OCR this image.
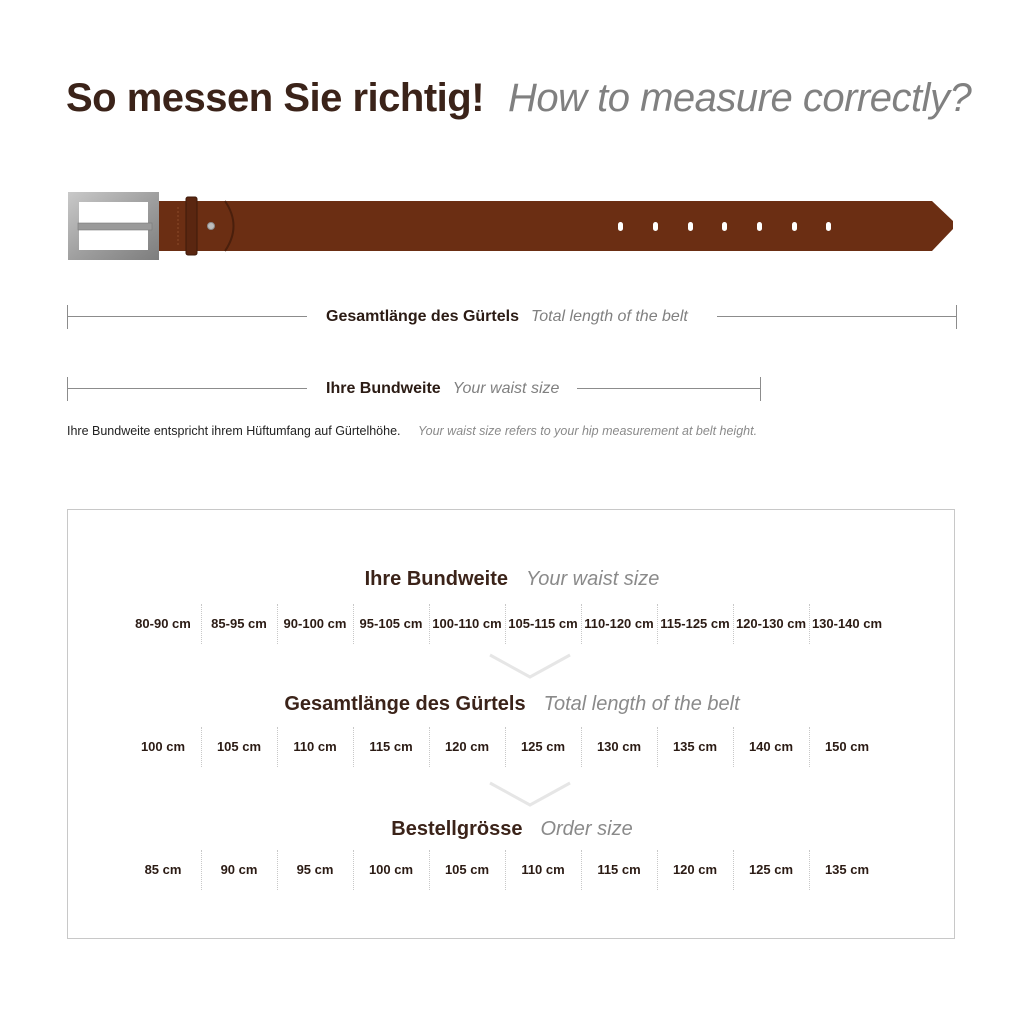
So messen Sie richtig! How to measure correctly?
Gesamtlänge des Gürtels Total length of the belt
Ihre Bundweite Your waist size
Ihre Bundweite entspricht ihrem Hüftumfang auf Gürtelhöhe. Your waist size refers to your hip measurement at belt height.
Ihre Bundweite Your waist size
80-90 cm	85-95 cm	90-100 cm	95-105 cm 100-110 cm 105-115 cm 110-120 cm 115-125 cm 120-130 cm 130-140 cm
Gesamtlänge des Gürtels Total length of the belt
100 cm	105 cm	110 cm	115 cm	120 cm	125 cm	130 cm	135 cm	140 cm	150 cm
Bestellgrösse Order size
85 cm	90 cm	95 cm	100 cm	105 cm	110 cm	115 cm	120 cm	125 cm	135 cm
